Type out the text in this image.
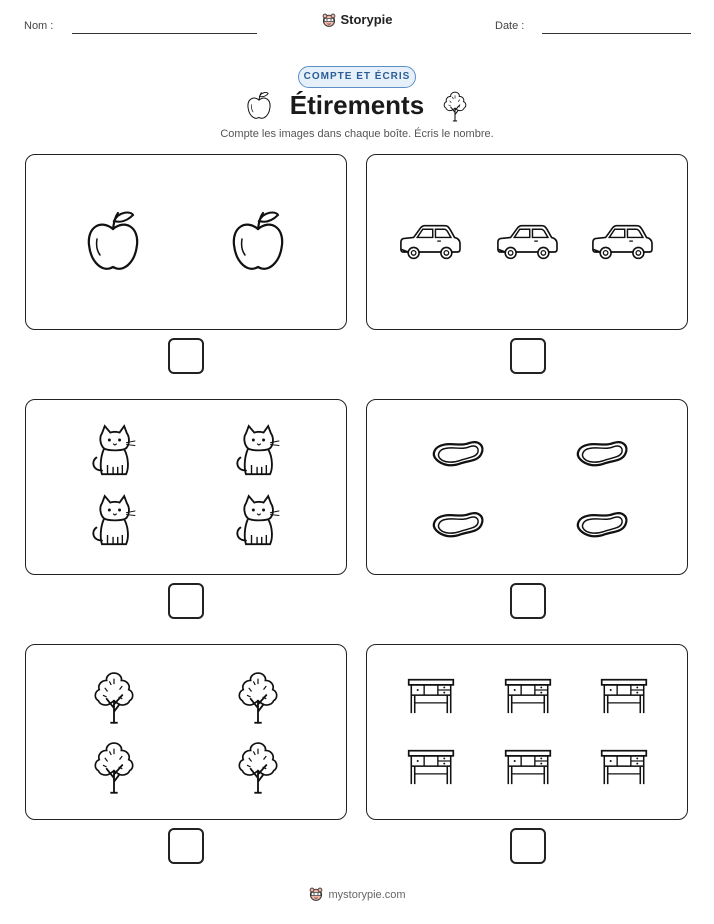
Nom :	Storypie	Date :
COMPTE ET ÉCRIS
Étirements
Compte les images dans chaque boîte. Écris le nombre.
mystorypie.com
